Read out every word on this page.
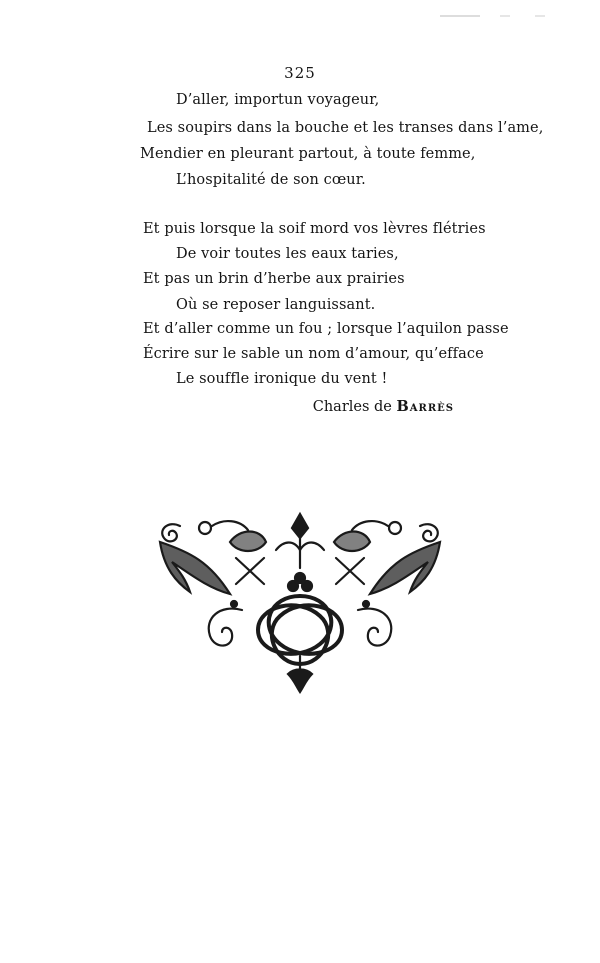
325
D’aller, importun voyageur,
Les soupirs dans la bouche et les transes dans l’ame,
Mendier en pleurant partout, à toute femme,
L’hospitalité de son cœur.
Et puis lorsque la soif mord vos lèvres flétries
De voir toutes les eaux taries,
Et pas un brin d’herbe aux prairies
Où se reposer languissant.
Et d’aller comme un fou ; lorsque l’aquilon passe
Écrire sur le sable un nom d’amour, qu’efface
Le souffle ironique du vent !
Charles de Barrès
